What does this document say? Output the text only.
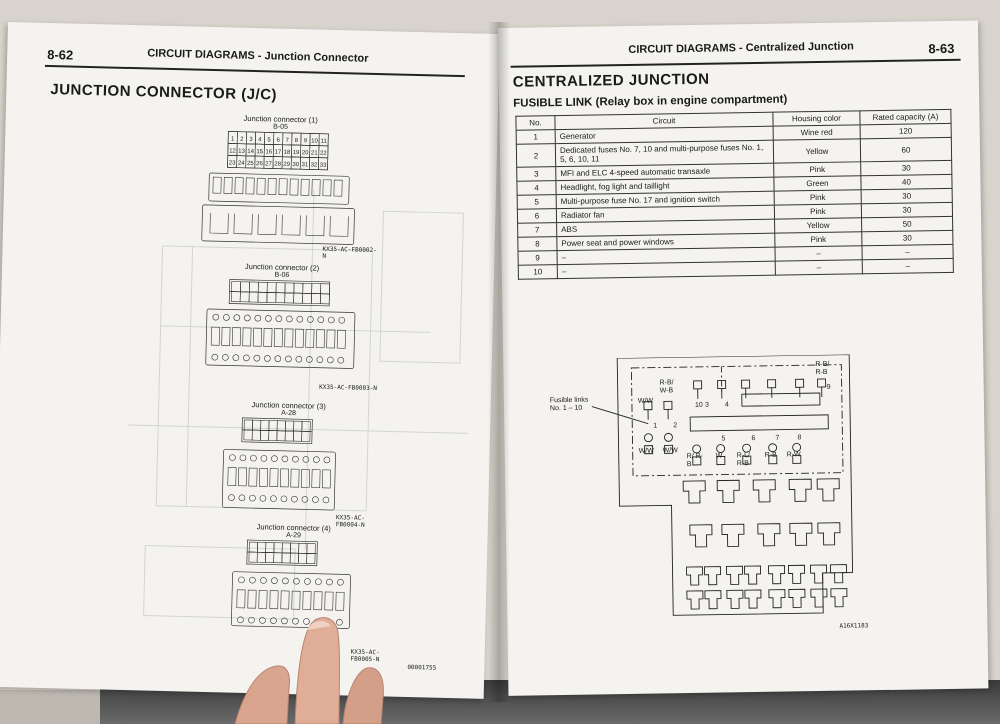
8-62	CIRCUIT DIAGRAMS - Junction Connector
JUNCTION CONNECTOR (J/C)
Junction connector (1)
B-05
1 2 3 4 5 6 7 8 9 10 11
12 13 14 15 16 17 18 19 20 21 22
23 24 25 26 27 28 29 30 31 32 33
KX35-AC-FB0002-N
Junction connector (2)
B-06
KX35-AC-FB0003-N
Junction connector (3)
A-28
KX35-AC-FB0004-N
Junction connector (4)
A-29
KX35-AC-FB0005-N
00001755
CIRCUIT DIAGRAMS - Centralized Junction	8-63
CENTRALIZED JUNCTION
FUSIBLE LINK (Relay box in engine compartment)
No.	Circuit	Housing color	Rated capacity (A)
1	Generator	Wine red	120
2	Dedicated fuses No. 7, 10 and multi-purpose fuses No. 1, 5, 6, 10, 11	Yellow	60
3	MFI and ELC 4-speed automatic transaxle	Pink	30
4	Headlight, fog light and taillight	Green	40
5	Multi-purpose fuse No. 17 and ignition switch	Pink	30
6	Radiator fan	Pink	30
7	ABS	Yellow	50
8	Power seat and power windows	Pink	30
9	–	–	–
10	–	–	–
1 2
3 4
5	6	7	8
9
10
Fusible links No. 1 – 10
R-B/ W-B
R-B/ R-B
W/W
W/W W/W
R/ R-B
W R-L/ R-B
R-B R-W
A16X1183
